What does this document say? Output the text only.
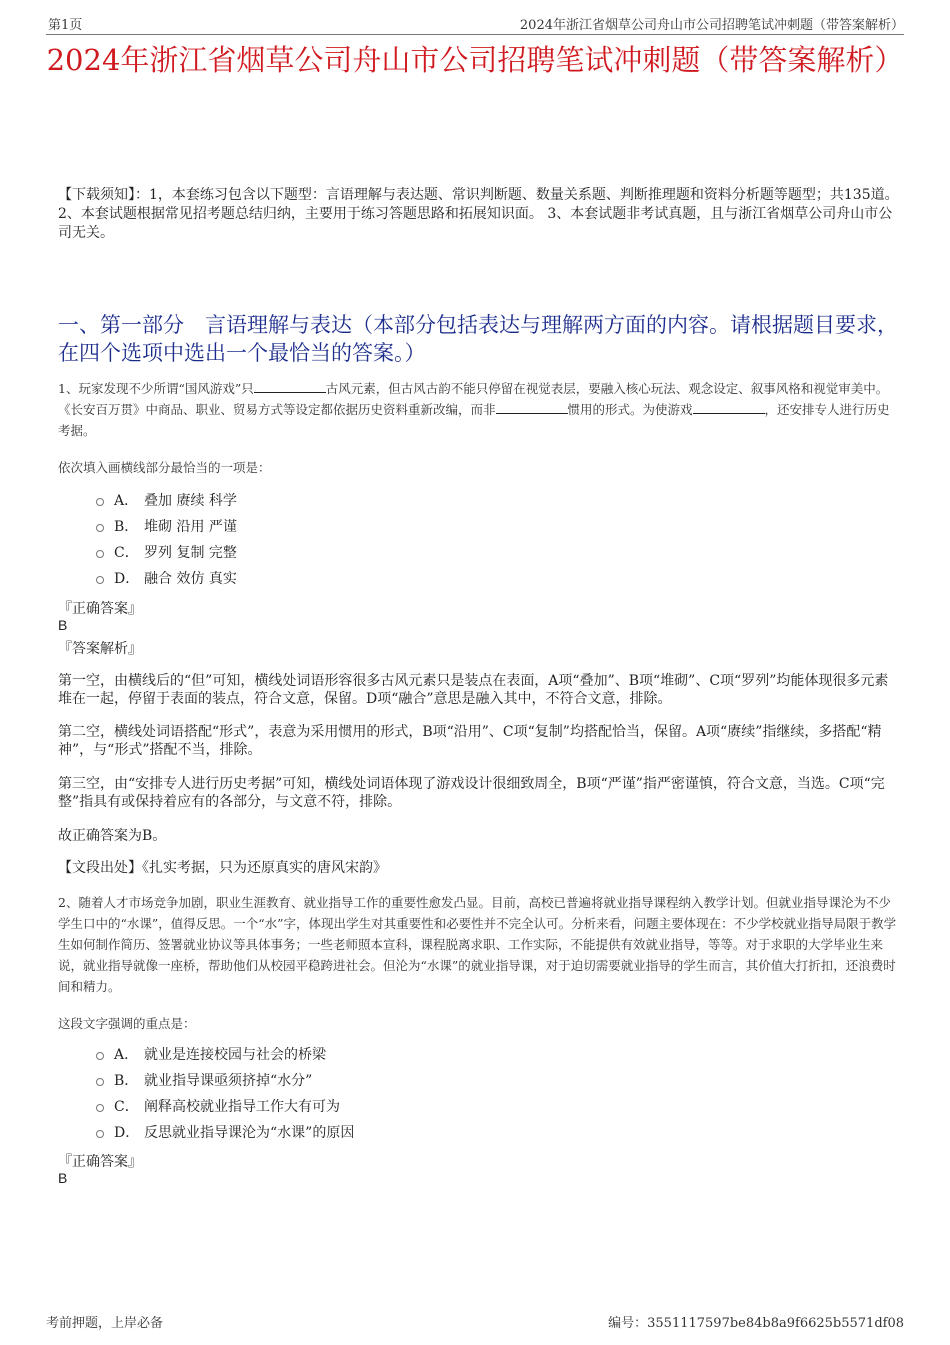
第1页	2024年浙江省烟草公司舟山市公司招聘笔试冲刺题（带答案解析）
2024年浙江省烟草公司舟山市公司招聘笔试冲刺题（带答案解析）
【下载须知】：1，本套练习包含以下题型：言语理解与表达题、常识判断题、数量关系题、判断推理题和资料分析题等题型；共135道。 2、本套试题根据常见招考题总结归纳，主要用于练习答题思路和拓展知识面。 3、本套试题非考试真题，且与浙江省烟草公司舟山市公司无关。
一、第一部分　言语理解与表达（本部分包括表达与理解两方面的内容。请根据题目要求，在四个选项中选出一个最恰当的答案。）
1、玩家发现不少所谓“国风游戏”只	古风元素，但古风古韵不能只停留在视觉表层，要融入核心玩法、观念设定、叙事风格和视觉审美中。《长安百万贯》中商品、职业、贸易方式等设定都依据历史资料重新改编，而非	惯用的形式。为使游戏	，还安排专人进行历史考据。
依次填入画横线部分最恰当的一项是：
A． 叠加 赓续 科学
B． 堆砌 沿用 严谨
C． 罗列 复制 完整
D． 融合 效仿 真实
『正确答案』
B
『答案解析』
第一空，由横线后的“但”可知，横线处词语形容很多古风元素只是装点在表面，A项“叠加”、B项“堆砌”、C项“罗列”均能体现很多元素堆在一起，停留于表面的装点，符合文意，保留。D项“融合”意思是融入其中，不符合文意，排除。
第二空，横线处词语搭配“形式”，表意为采用惯用的形式，B项“沿用”、C项“复制”均搭配恰当，保留。A项“赓续”指继续，多搭配“精神”，与“形式”搭配不当，排除。
第三空，由“安排专人进行历史考据”可知，横线处词语体现了游戏设计很细致周全，B项“严谨”指严密谨慎，符合文意，当选。C项“完整”指具有或保持着应有的各部分，与文意不符，排除。
故正确答案为B。
【文段出处】《扎实考据，只为还原真实的唐风宋韵》
2、随着人才市场竞争加剧，职业生涯教育、就业指导工作的重要性愈发凸显。目前，高校已普遍将就业指导课程纳入教学计划。但就业指导课沦为不少学生口中的“水课”，值得反思。一个“水”字，体现出学生对其重要性和必要性并不完全认可。分析来看，问题主要体现在：不少学校就业指导局限于教学生如何制作简历、签署就业协议等具体事务；一些老师照本宣科，课程脱离求职、工作实际，不能提供有效就业指导，等等。对于求职的大学毕业生来说，就业指导就像一座桥，帮助他们从校园平稳跨进社会。但沦为“水课”的就业指导课，对于迫切需要就业指导的学生而言，其价值大打折扣，还浪费时间和精力。
这段文字强调的重点是：
A． 就业是连接校园与社会的桥梁
B． 就业指导课亟须挤掉“水分”
C． 阐释高校就业指导工作大有可为
D． 反思就业指导课沦为“水课”的原因
『正确答案』
B
考前押题，上岸必备	编号：3551117597be84b8a9f6625b5571df08
